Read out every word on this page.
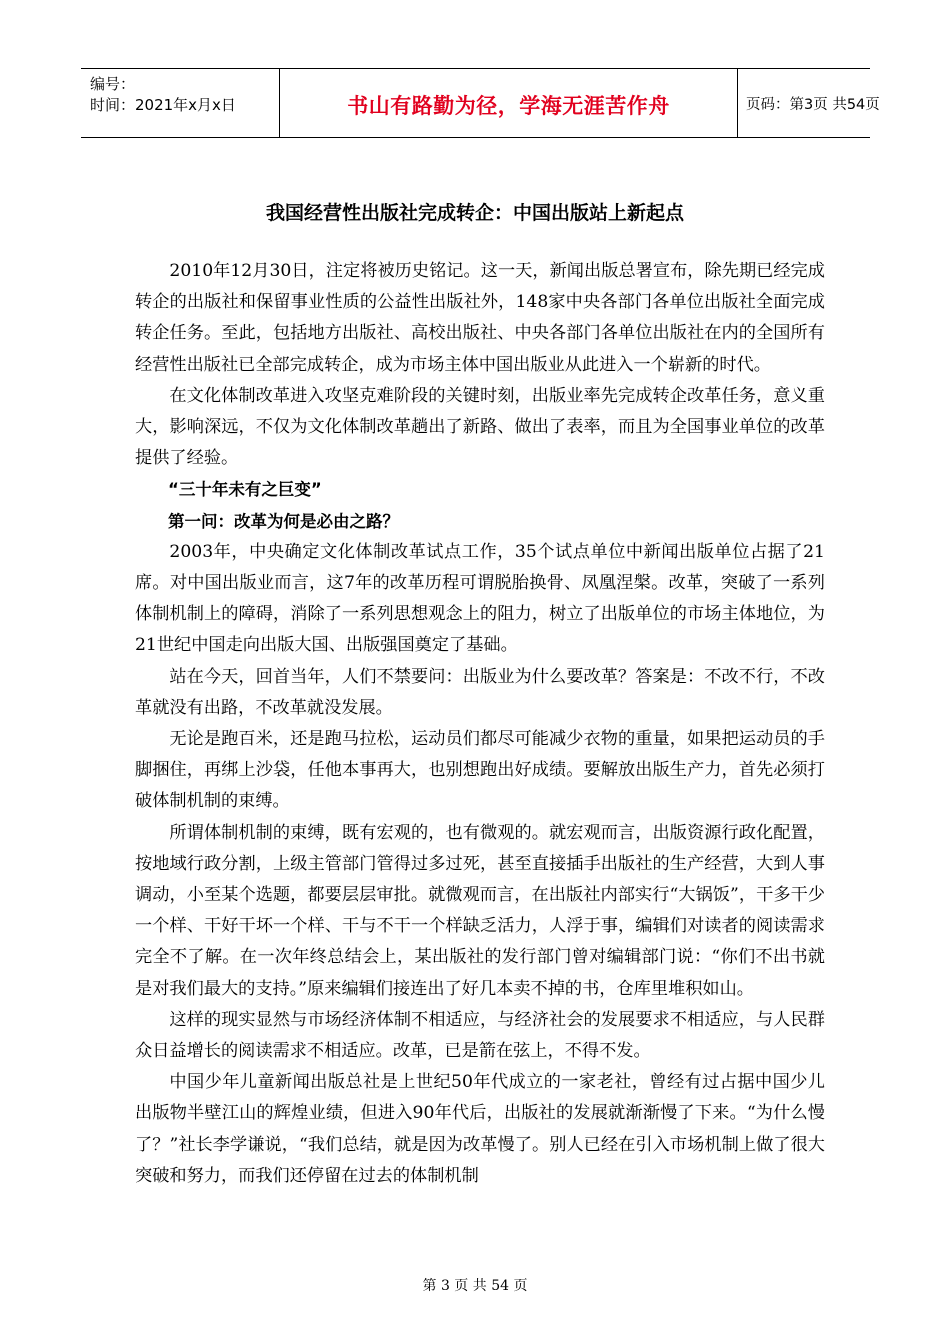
编号：
时间：2021年x月x日	书山有路勤为径，学海无涯苦作舟	页码：第3页 共54页
我国经营性出版社完成转企：中国出版站上新起点

2010年12月30日，注定将被历史铭记。这一天，新闻出版总署宣布，除先期已经完成转企的出版社和保留事业性质的公益性出版社外，148家中央各部门各单位出版社全面完成转企任务。至此，包括地方出版社、高校出版社、中央各部门各单位出版社在内的全国所有经营性出版社已全部完成转企，成为市场主体中国出版业从此进入一个崭新的时代。

在文化体制改革进入攻坚克难阶段的关键时刻，出版业率先完成转企改革任务，意义重大，影响深远，不仅为文化体制改革趟出了新路、做出了表率，而且为全国事业单位的改革提供了经验。

“三十年未有之巨变”

第一问：改革为何是必由之路？

2003年，中央确定文化体制改革试点工作，35个试点单位中新闻出版单位占据了21席。对中国出版业而言，这7年的改革历程可谓脱胎换骨、凤凰涅槃。改革，突破了一系列体制机制上的障碍，消除了一系列思想观念上的阻力，树立了出版单位的市场主体地位，为21世纪中国走向出版大国、出版强国奠定了基础。

站在今天，回首当年，人们不禁要问：出版业为什么要改革？答案是：不改不行，不改革就没有出路，不改革就没发展。

无论是跑百米，还是跑马拉松，运动员们都尽可能减少衣物的重量，如果把运动员的手脚捆住，再绑上沙袋，任他本事再大，也别想跑出好成绩。要解放出版生产力，首先必须打破体制机制的束缚。

所谓体制机制的束缚，既有宏观的，也有微观的。就宏观而言，出版资源行政化配置，按地域行政分割，上级主管部门管得过多过死，甚至直接插手出版社的生产经营，大到人事调动，小至某个选题，都要层层审批。就微观而言，在出版社内部实行“大锅饭”，干多干少一个样、干好干坏一个样、干与不干一个样缺乏活力，人浮于事，编辑们对读者的阅读需求完全不了解。在一次年终总结会上，某出版社的发行部门曾对编辑部门说：“你们不出书就是对我们最大的支持。”原来编辑们接连出了好几本卖不掉的书，仓库里堆积如山。

这样的现实显然与市场经济体制不相适应，与经济社会的发展要求不相适应，与人民群众日益增长的阅读需求不相适应。改革，已是箭在弦上，不得不发。

中国少年儿童新闻出版总社是上世纪50年代成立的一家老社，曾经有过占据中国少儿出版物半壁江山的辉煌业绩，但进入90年代后，出版社的发展就渐渐慢了下来。“为什么慢了？”社长李学谦说，“我们总结，就是因为改革慢了。别人已经在引入市场机制上做了很大突破和努力，而我们还停留在过去的体制机制

第 3 页 共 54 页
